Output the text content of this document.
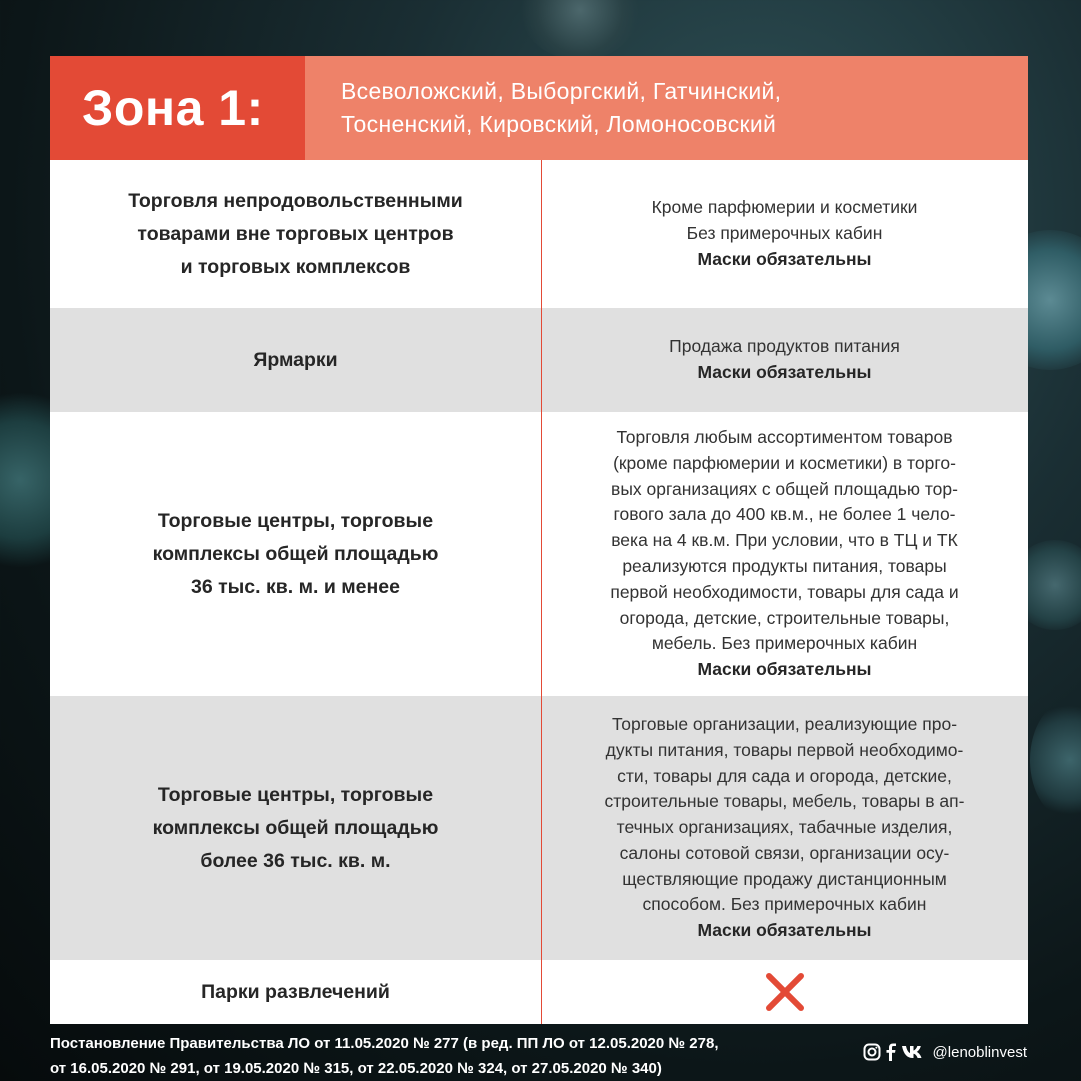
Зона 1:	Всеволожский, Выборгский, Гатчинский,
Тосненский, Кировский, Ломоносовский
Торговля непродовольственными
товарами вне торговых центров
и торговых комплексов
Кроме парфюмерии и косметики
Без примерочных кабин
Маски обязательны
Ярмарки
Продажа продуктов питания
Маски обязательны
Торговые центры, торговые
комплексы общей площадью
36 тыс. кв. м. и менее
Торговля любым ассортиментом товаров
(кроме парфюмерии и косметики) в торго-
вых организациях с общей площадью тор-
гового зала до 400 кв.м., не более 1 чело-
века на 4 кв.м. При условии, что в ТЦ и ТК
реализуются продукты питания, товары
первой необходимости, товары для сада и
огорода, детские, строительные товары,
мебель. Без примерочных кабин
Маски обязательны
Торговые центры, торговые
комплексы общей площадью
более 36 тыс. кв. м.
Торговые организации, реализующие про-
дукты питания, товары первой необходимо-
сти, товары для сада и огорода, детские,
строительные товары, мебель, товары в ап-
течных организациях, табачные изделия,
салоны сотовой связи, организации осу-
ществляющие продажу дистанционным
способом. Без примерочных кабин
Маски обязательны
Парки развлечений
Постановление Правительства ЛО от 11.05.2020 № 277 (в ред. ПП ЛО от 12.05.2020 № 278,
от 16.05.2020 № 291, от 19.05.2020 № 315, от 22.05.2020 № 324, от 27.05.2020 № 340)
@lenoblinvest
